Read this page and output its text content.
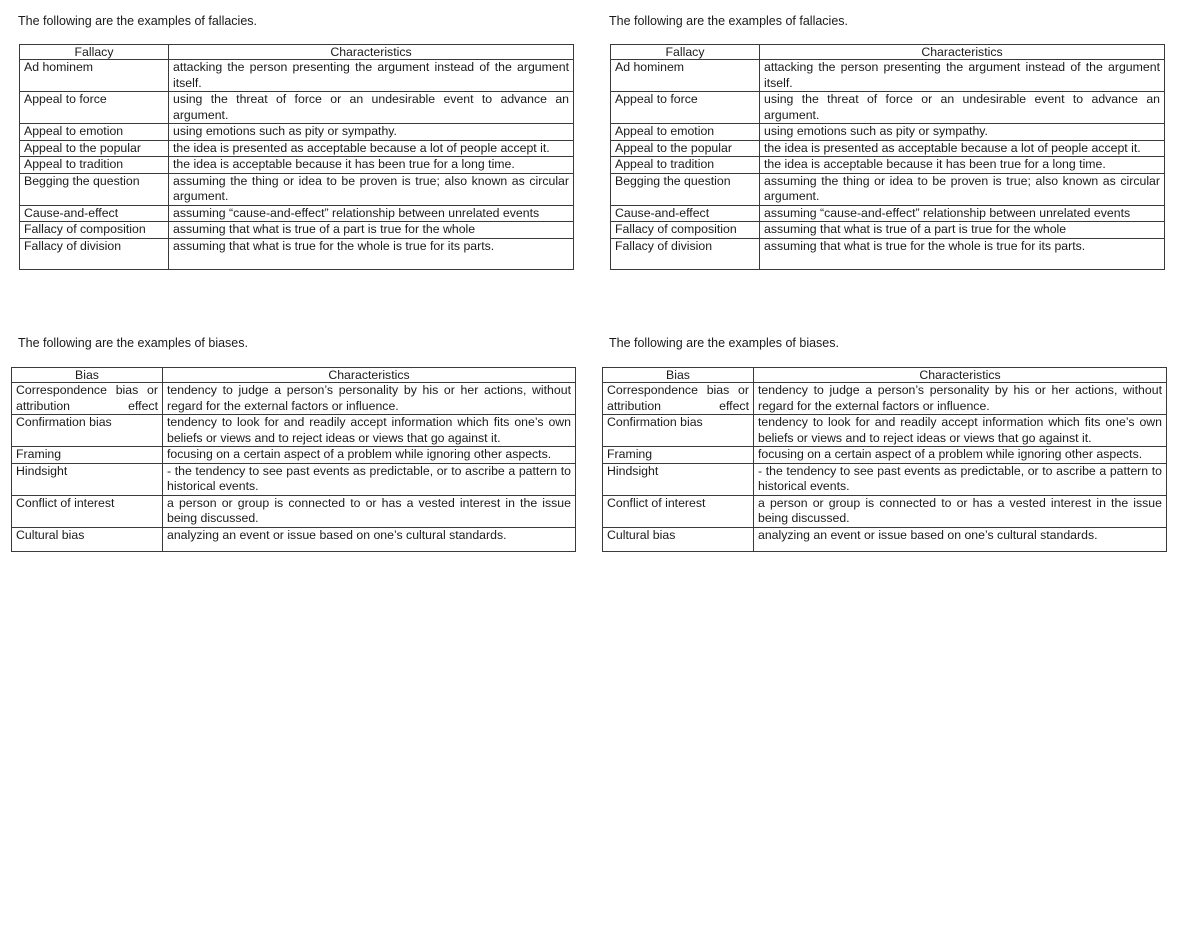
The following are the examples of fallacies.
Fallacy	Characteristics
Ad hominem	attacking the person presenting the argument instead of the argument itself.
Appeal to force	using the threat of force or an undesirable event to advance an argument.
Appeal to emotion	using emotions such as pity or sympathy.
Appeal to the popular	the idea is presented as acceptable because a lot of people accept it.
Appeal to tradition	the idea is acceptable because it has been true for a long time.
Begging the question	assuming the thing or idea to be proven is true; also known as circular argument.
Cause-and-effect	assuming “cause-and-effect” relationship between unrelated events
Fallacy of composition	assuming that what is true of a part is true for the whole
Fallacy of division	assuming that what is true for the whole is true for its parts.
The following are the examples of biases.
Bias	Characteristics
Correspondence bias or attribution effect	tendency to judge a person’s personality by his or her actions, without regard for the external factors or influence.
Confirmation bias	tendency to look for and readily accept information which fits one’s own beliefs or views and to reject ideas or views that go against it.
Framing	focusing on a certain aspect of a problem while ignoring other aspects.
Hindsight	- the tendency to see past events as predictable, or to ascribe a pattern to historical events.
Conflict of interest	a person or group is connected to or has a vested interest in the issue being discussed.
Cultural bias	analyzing an event or issue based on one’s cultural standards.
The following are the examples of fallacies.
Fallacy	Characteristics
Ad hominem	attacking the person presenting the argument instead of the argument itself.
Appeal to force	using the threat of force or an undesirable event to advance an argument.
Appeal to emotion	using emotions such as pity or sympathy.
Appeal to the popular	the idea is presented as acceptable because a lot of people accept it.
Appeal to tradition	the idea is acceptable because it has been true for a long time.
Begging the question	assuming the thing or idea to be proven is true; also known as circular argument.
Cause-and-effect	assuming “cause-and-effect” relationship between unrelated events
Fallacy of composition	assuming that what is true of a part is true for the whole
Fallacy of division	assuming that what is true for the whole is true for its parts.
The following are the examples of biases.
Bias	Characteristics
Correspondence bias or attribution effect	tendency to judge a person’s personality by his or her actions, without regard for the external factors or influence.
Confirmation bias	tendency to look for and readily accept information which fits one’s own beliefs or views and to reject ideas or views that go against it.
Framing	focusing on a certain aspect of a problem while ignoring other aspects.
Hindsight	- the tendency to see past events as predictable, or to ascribe a pattern to historical events.
Conflict of interest	a person or group is connected to or has a vested interest in the issue being discussed.
Cultural bias	analyzing an event or issue based on one’s cultural standards.
